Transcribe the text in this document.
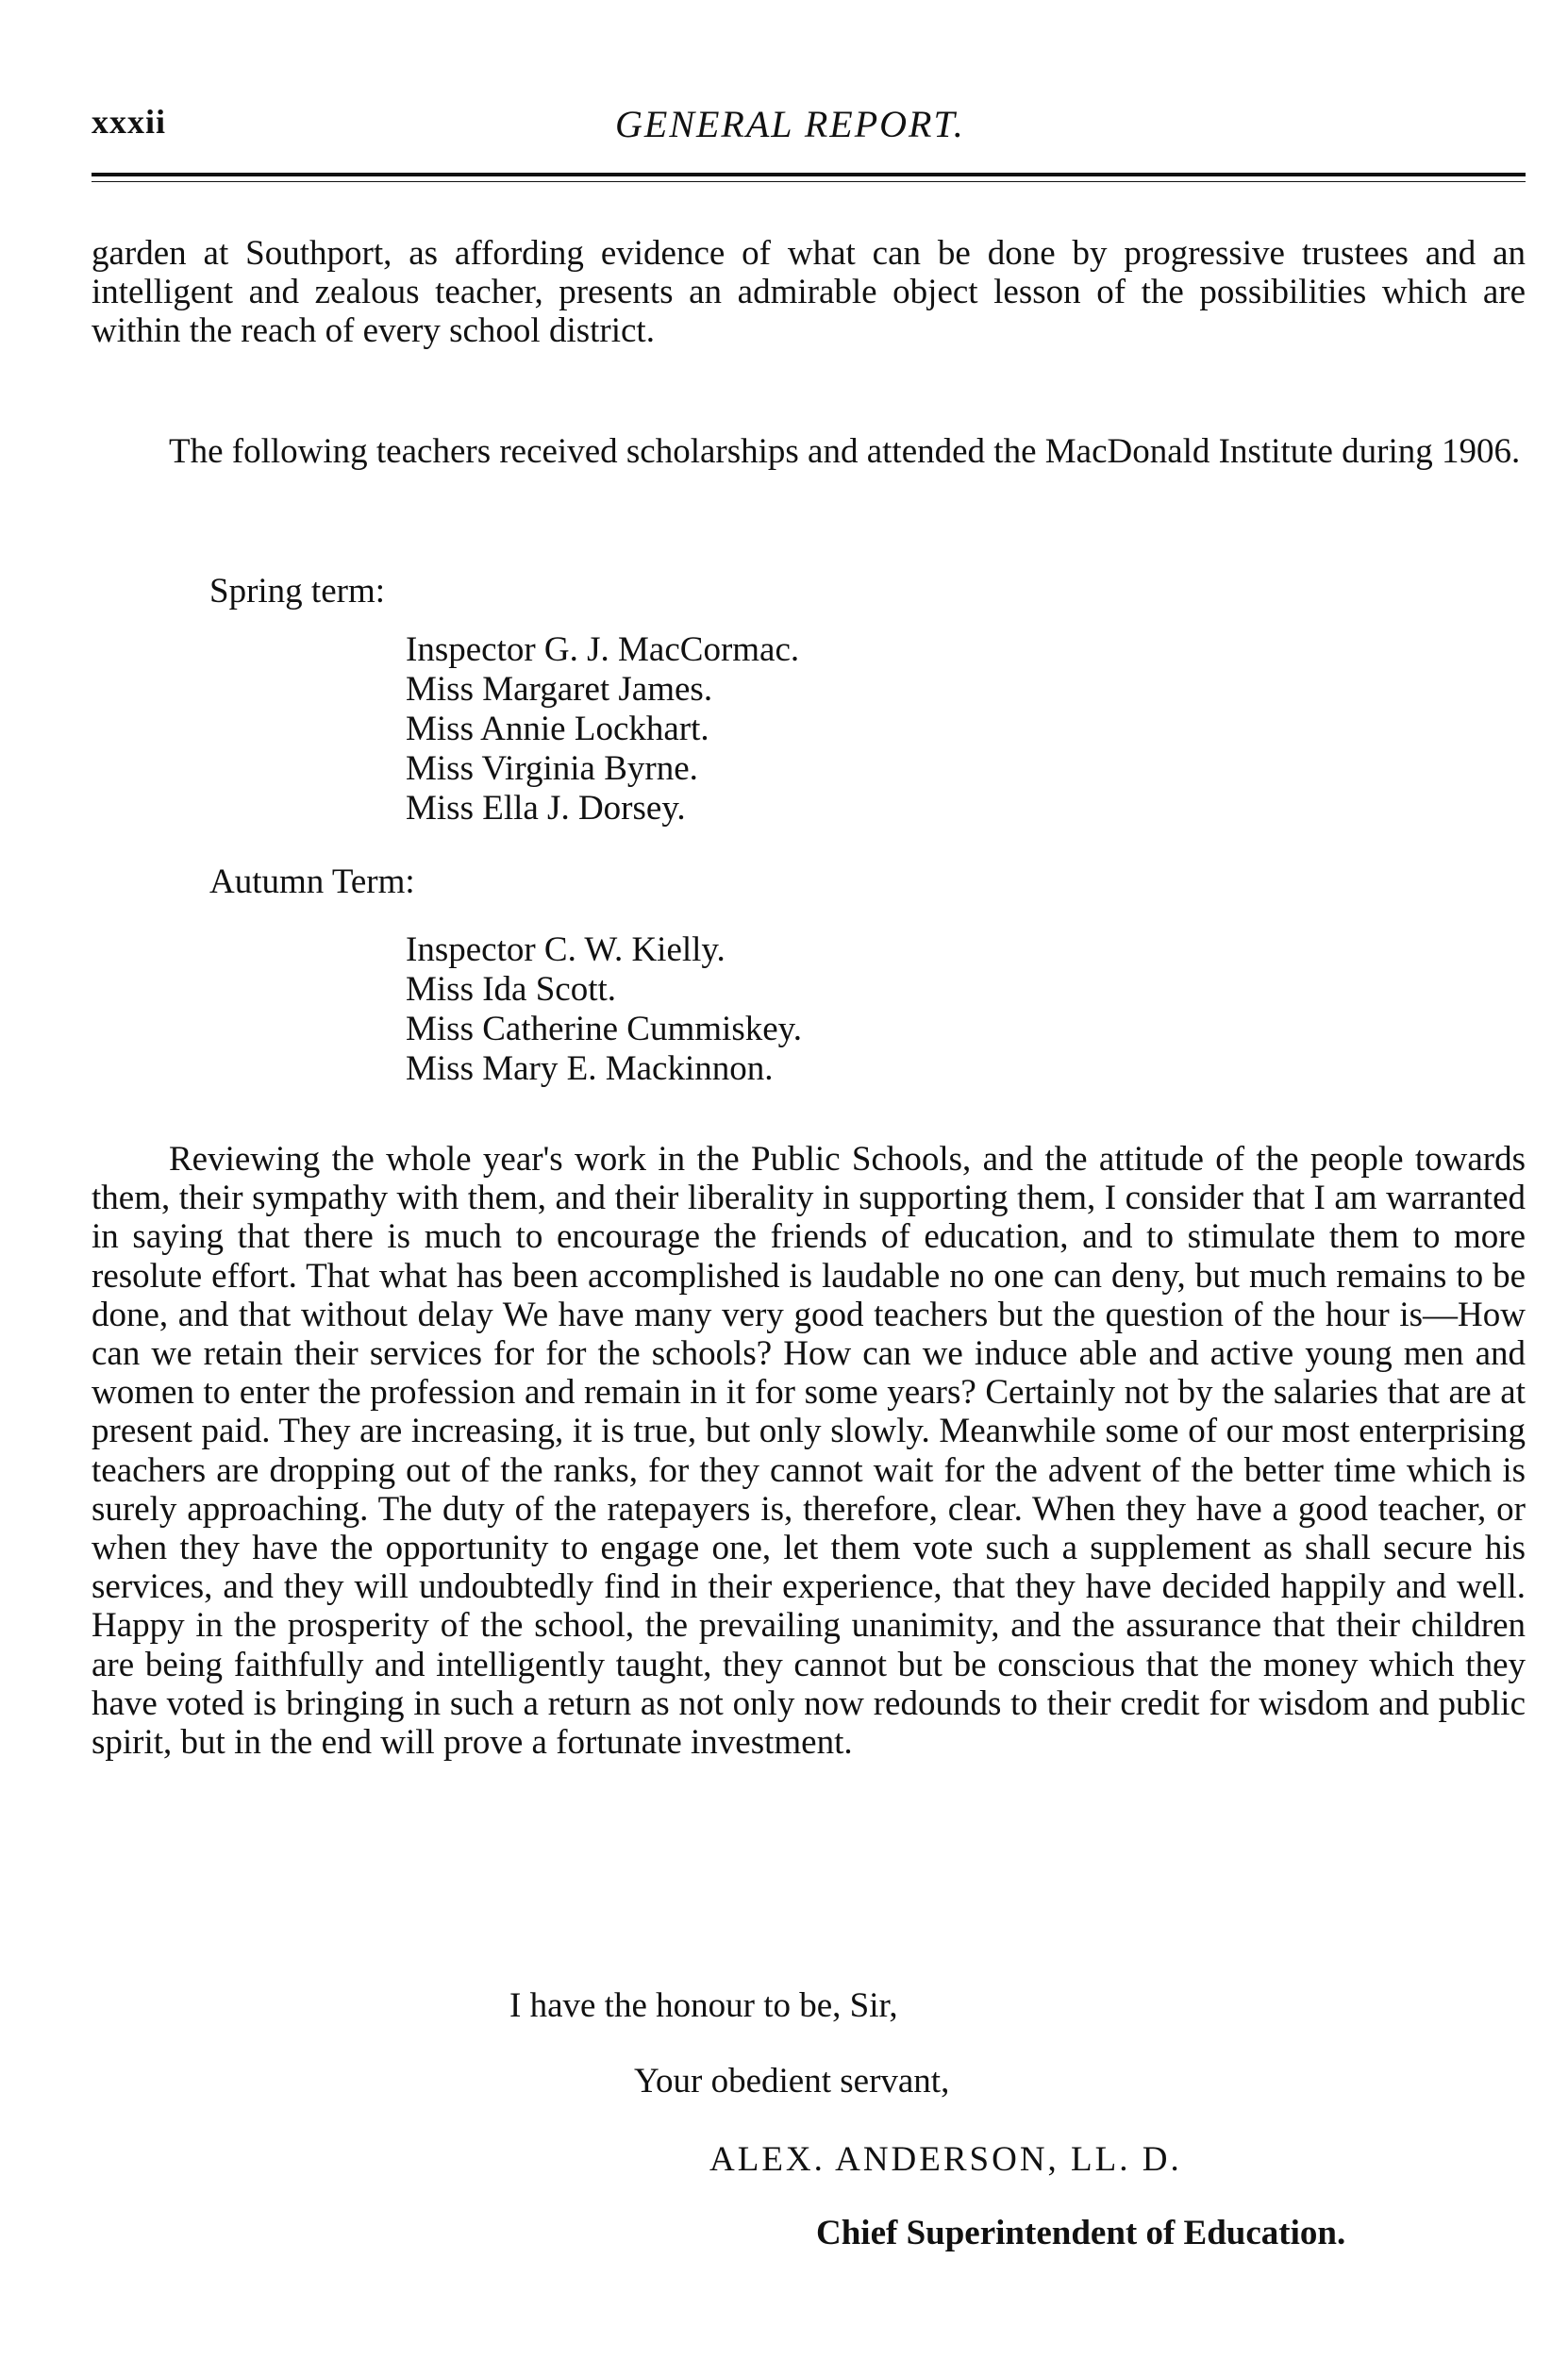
xxxii	GENERAL REPORT.

garden at Southport, as affording evidence of what can be done by progressive trustees and an intelligent and zealous teacher, presents an admirable object lesson of the possibilities which are within the reach of every school district.

The following teachers received scholarships and attended the MacDonald Institute during 1906.

Spring term:
Inspector G. J. MacCormac.
Miss Margaret James.
Miss Annie Lockhart.
Miss Virginia Byrne.
Miss Ella J. Dorsey.
Autumn Term:
Inspector C. W. Kielly.
Miss Ida Scott.
Miss Catherine Cummiskey.
Miss Mary E. Mackinnon.

Reviewing the whole year's work in the Public Schools, and the attitude of the people towards them, their sympathy with them, and their liberality in supporting them, I consider that I am warranted in saying that there is much to encourage the friends of education, and to stimulate them to more resolute effort. That what has been accomplished is laudable no one can deny, but much remains to be done, and that without delay We have many very good teachers but the question of the hour is—How can we retain their services for for the schools? How can we induce able and active young men and women to enter the profession and remain in it for some years? Certainly not by the salaries that are at present paid. They are increasing, it is true, but only slowly. Meanwhile some of our most enterprising teachers are dropping out of the ranks, for they cannot wait for the advent of the better time which is surely approaching. The duty of the ratepayers is, therefore, clear. When they have a good teacher, or when they have the opportunity to engage one, let them vote such a supplement as shall secure his services, and they will undoubtedly find in their experience, that they have decided happily and well. Happy in the prosperity of the school, the prevailing unanimity, and the assurance that their children are being faithfully and intelligently taught, they cannot but be conscious that the money which they have voted is bringing in such a return as not only now redounds to their credit for wisdom and public spirit, but in the end will prove a fortunate investment.

I have the honour to be, Sir,
Your obedient servant,
ALEX. ANDERSON, LL. D.
Chief Superintendent of Education.
